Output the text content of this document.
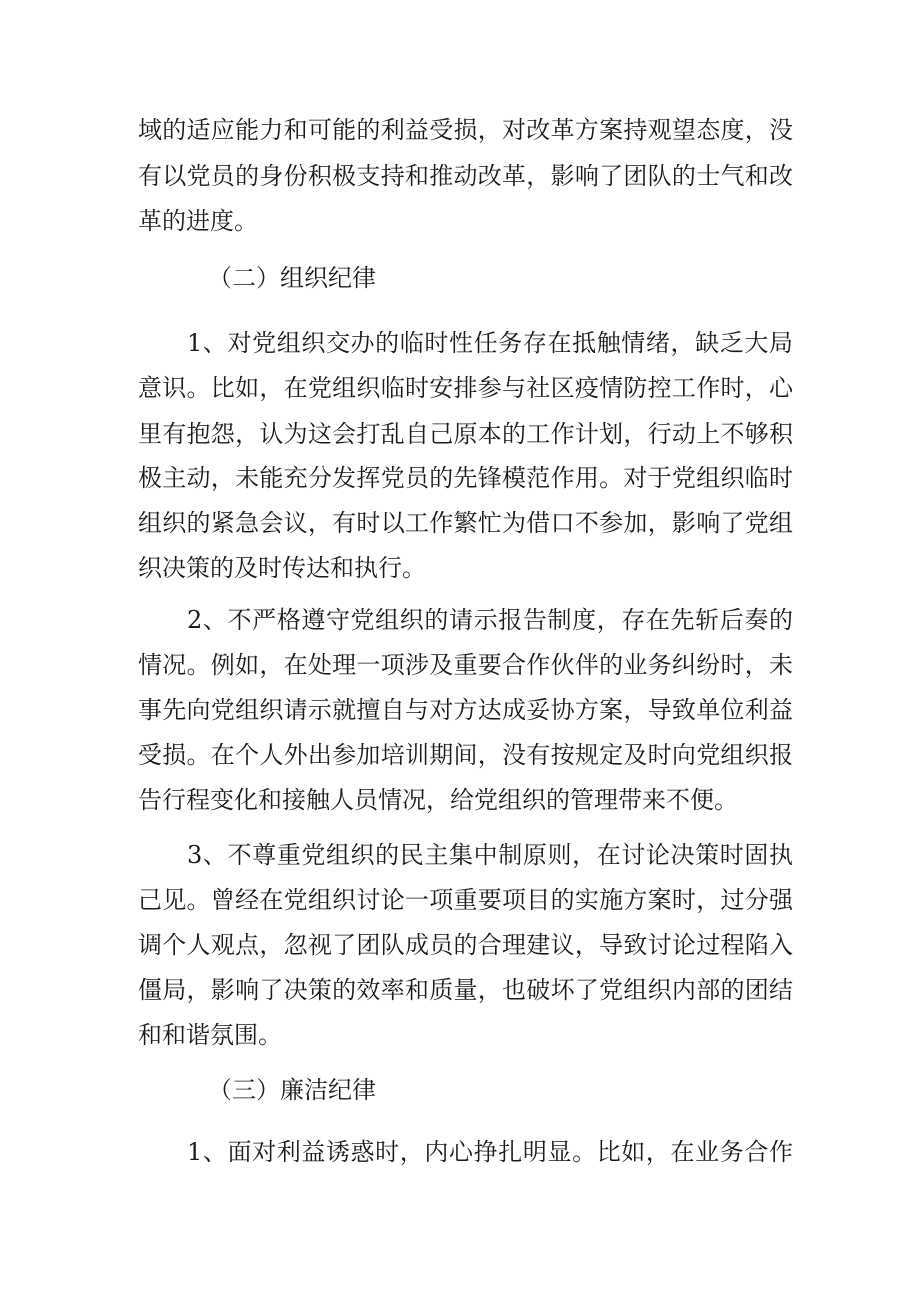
域的适应能力和可能的利益受损，对改革方案持观望态度，没
有以党员的身份积极支持和推动改革，影响了团队的士气和改
革的进度。
（二）组织纪律
1、对党组织交办的临时性任务存在抵触情绪，缺乏大局
意识。比如，在党组织临时安排参与社区疫情防控工作时，心
里有抱怨，认为这会打乱自己原本的工作计划，行动上不够积
极主动，未能充分发挥党员的先锋模范作用。对于党组织临时
组织的紧急会议，有时以工作繁忙为借口不参加，影响了党组
织决策的及时传达和执行。
2、不严格遵守党组织的请示报告制度，存在先斩后奏的
情况。例如，在处理一项涉及重要合作伙伴的业务纠纷时，未
事先向党组织请示就擅自与对方达成妥协方案，导致单位利益
受损。在个人外出参加培训期间，没有按规定及时向党组织报
告行程变化和接触人员情况，给党组织的管理带来不便。
3、不尊重党组织的民主集中制原则，在讨论决策时固执
己见。曾经在党组织讨论一项重要项目的实施方案时，过分强
调个人观点，忽视了团队成员的合理建议，导致讨论过程陷入
僵局，影响了决策的效率和质量，也破坏了党组织内部的团结
和和谐氛围。
（三）廉洁纪律
1、面对利益诱惑时，内心挣扎明显。比如，在业务合作
